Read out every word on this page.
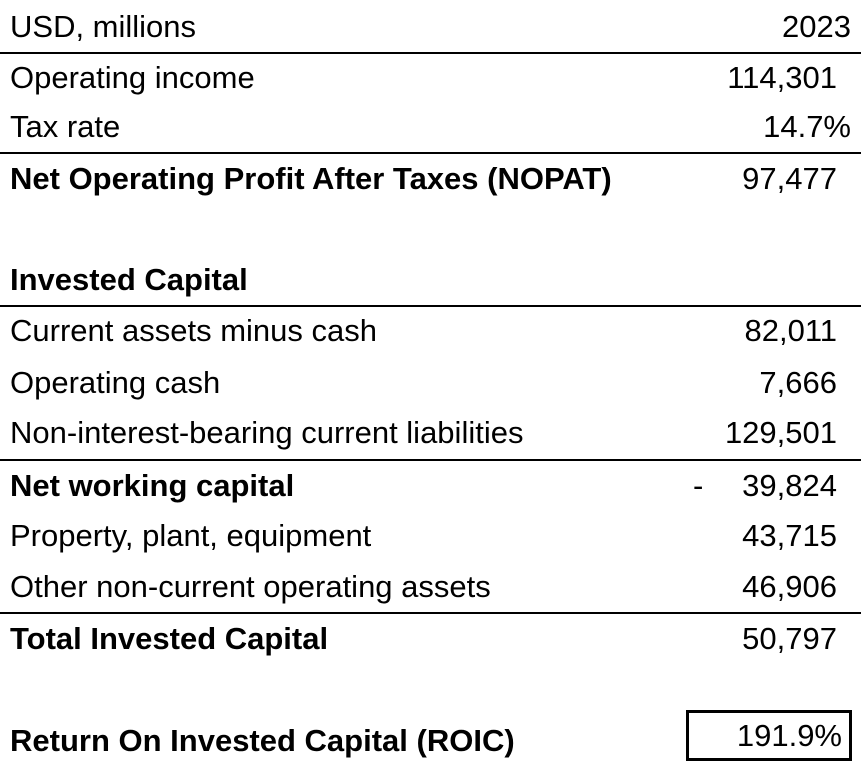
USD, millions	2023
Operating income	114,301
Tax rate	14.7%
Net Operating Profit After Taxes (NOPAT)	97,477
Invested Capital
Current assets minus cash	82,011
Operating cash	7,666
Non-interest-bearing current liabilities	129,501
Net working capital	- 39,824
Property, plant, equipment	43,715
Other non-current operating assets	46,906
Total Invested Capital	50,797
Return On Invested Capital (ROIC)	191.9%
